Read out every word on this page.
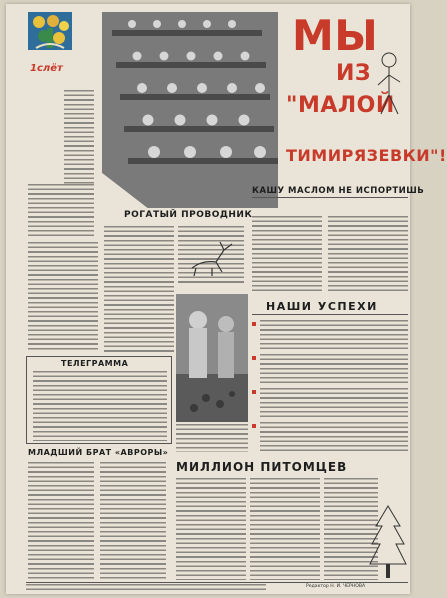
1слёт
МЫ
ИЗ
"МАЛОЙ
ТИМИРЯЗЕВКИ"!
КАШУ МАСЛОМ НЕ ИСПОРТИШЬ
РОГАТЫЙ ПРОВОДНИК
НАШИ УСПЕХИ
ТЕЛЕГРАММА
МЛАДШИЙ БРАТ «АВРОРЫ»
МИЛЛИОН ПИТОМЦЕВ
Редактор Н. И. ЧЕРНОВА
